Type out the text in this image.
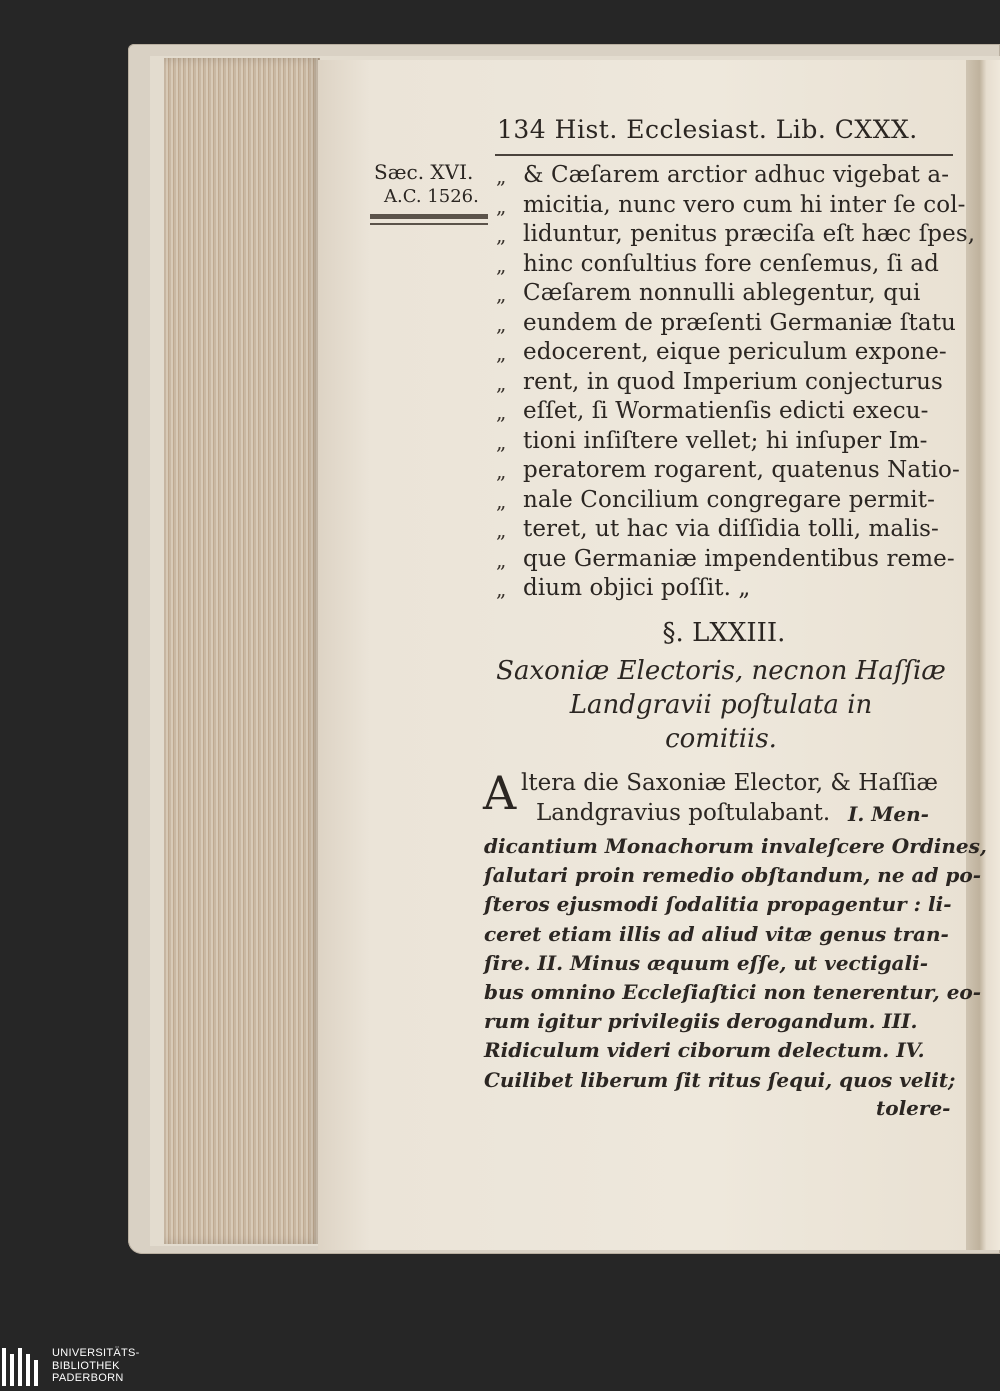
134 Hist. Ecclesiast. Lib. CXXX.
Sæc. XVI.
A.C. 1526.
„ & Cæſarem arctior adhuc vigebat a-
„ micitia, nunc vero cum hi inter ſe col-
„ liduntur, penitus præciſa eſt hæc ſpes,
„ hinc conſultius fore cenſemus, ſi ad
„ Cæſarem nonnulli ablegentur, qui
„ eundem de præſenti Germaniæ ſtatu
„ edocerent, eique periculum expone-
„ rent, in quod Imperium conjecturus
„ eſſet, ſi Wormatienſis edicti execu-
„ tioni inſiſtere vellet; hi inſuper Im-
„ peratorem rogarent, quatenus Natio-
„ nale Concilium congregare permit-
„ teret, ut hac via diſſidia tolli, malis-
„ que Germaniæ impendentibus reme-
„ dium objici poſſit. „

§. LXXIII.
Saxoniæ Electoris, necnon Haſſiæ
Landgravii poſtulata in
comitiis.
A ltera die Saxoniæ Elector, & Haſſiæ
Landgravius poſtulabant. I. Men-
dicantium Monachorum invaleſcere Ordines,
ſalutari proin remedio obſtandum, ne ad po-
ſteros ejusmodi ſodalitia propagentur : li-
ceret etiam illis ad aliud vitæ genus tran-
ſire. II. Minus æquum eſſe, ut vectigali-
bus omnino Eccleſiaſtici non tenerentur, eo-
rum igitur privilegiis derogandum. III.
Ridiculum videri ciborum delectum. IV.
Cuilibet liberum ſit ritus ſequi, quos velit;
tolere-
UNIVERSITÄTS-
BIBLIOTHEK
PADERBORN
